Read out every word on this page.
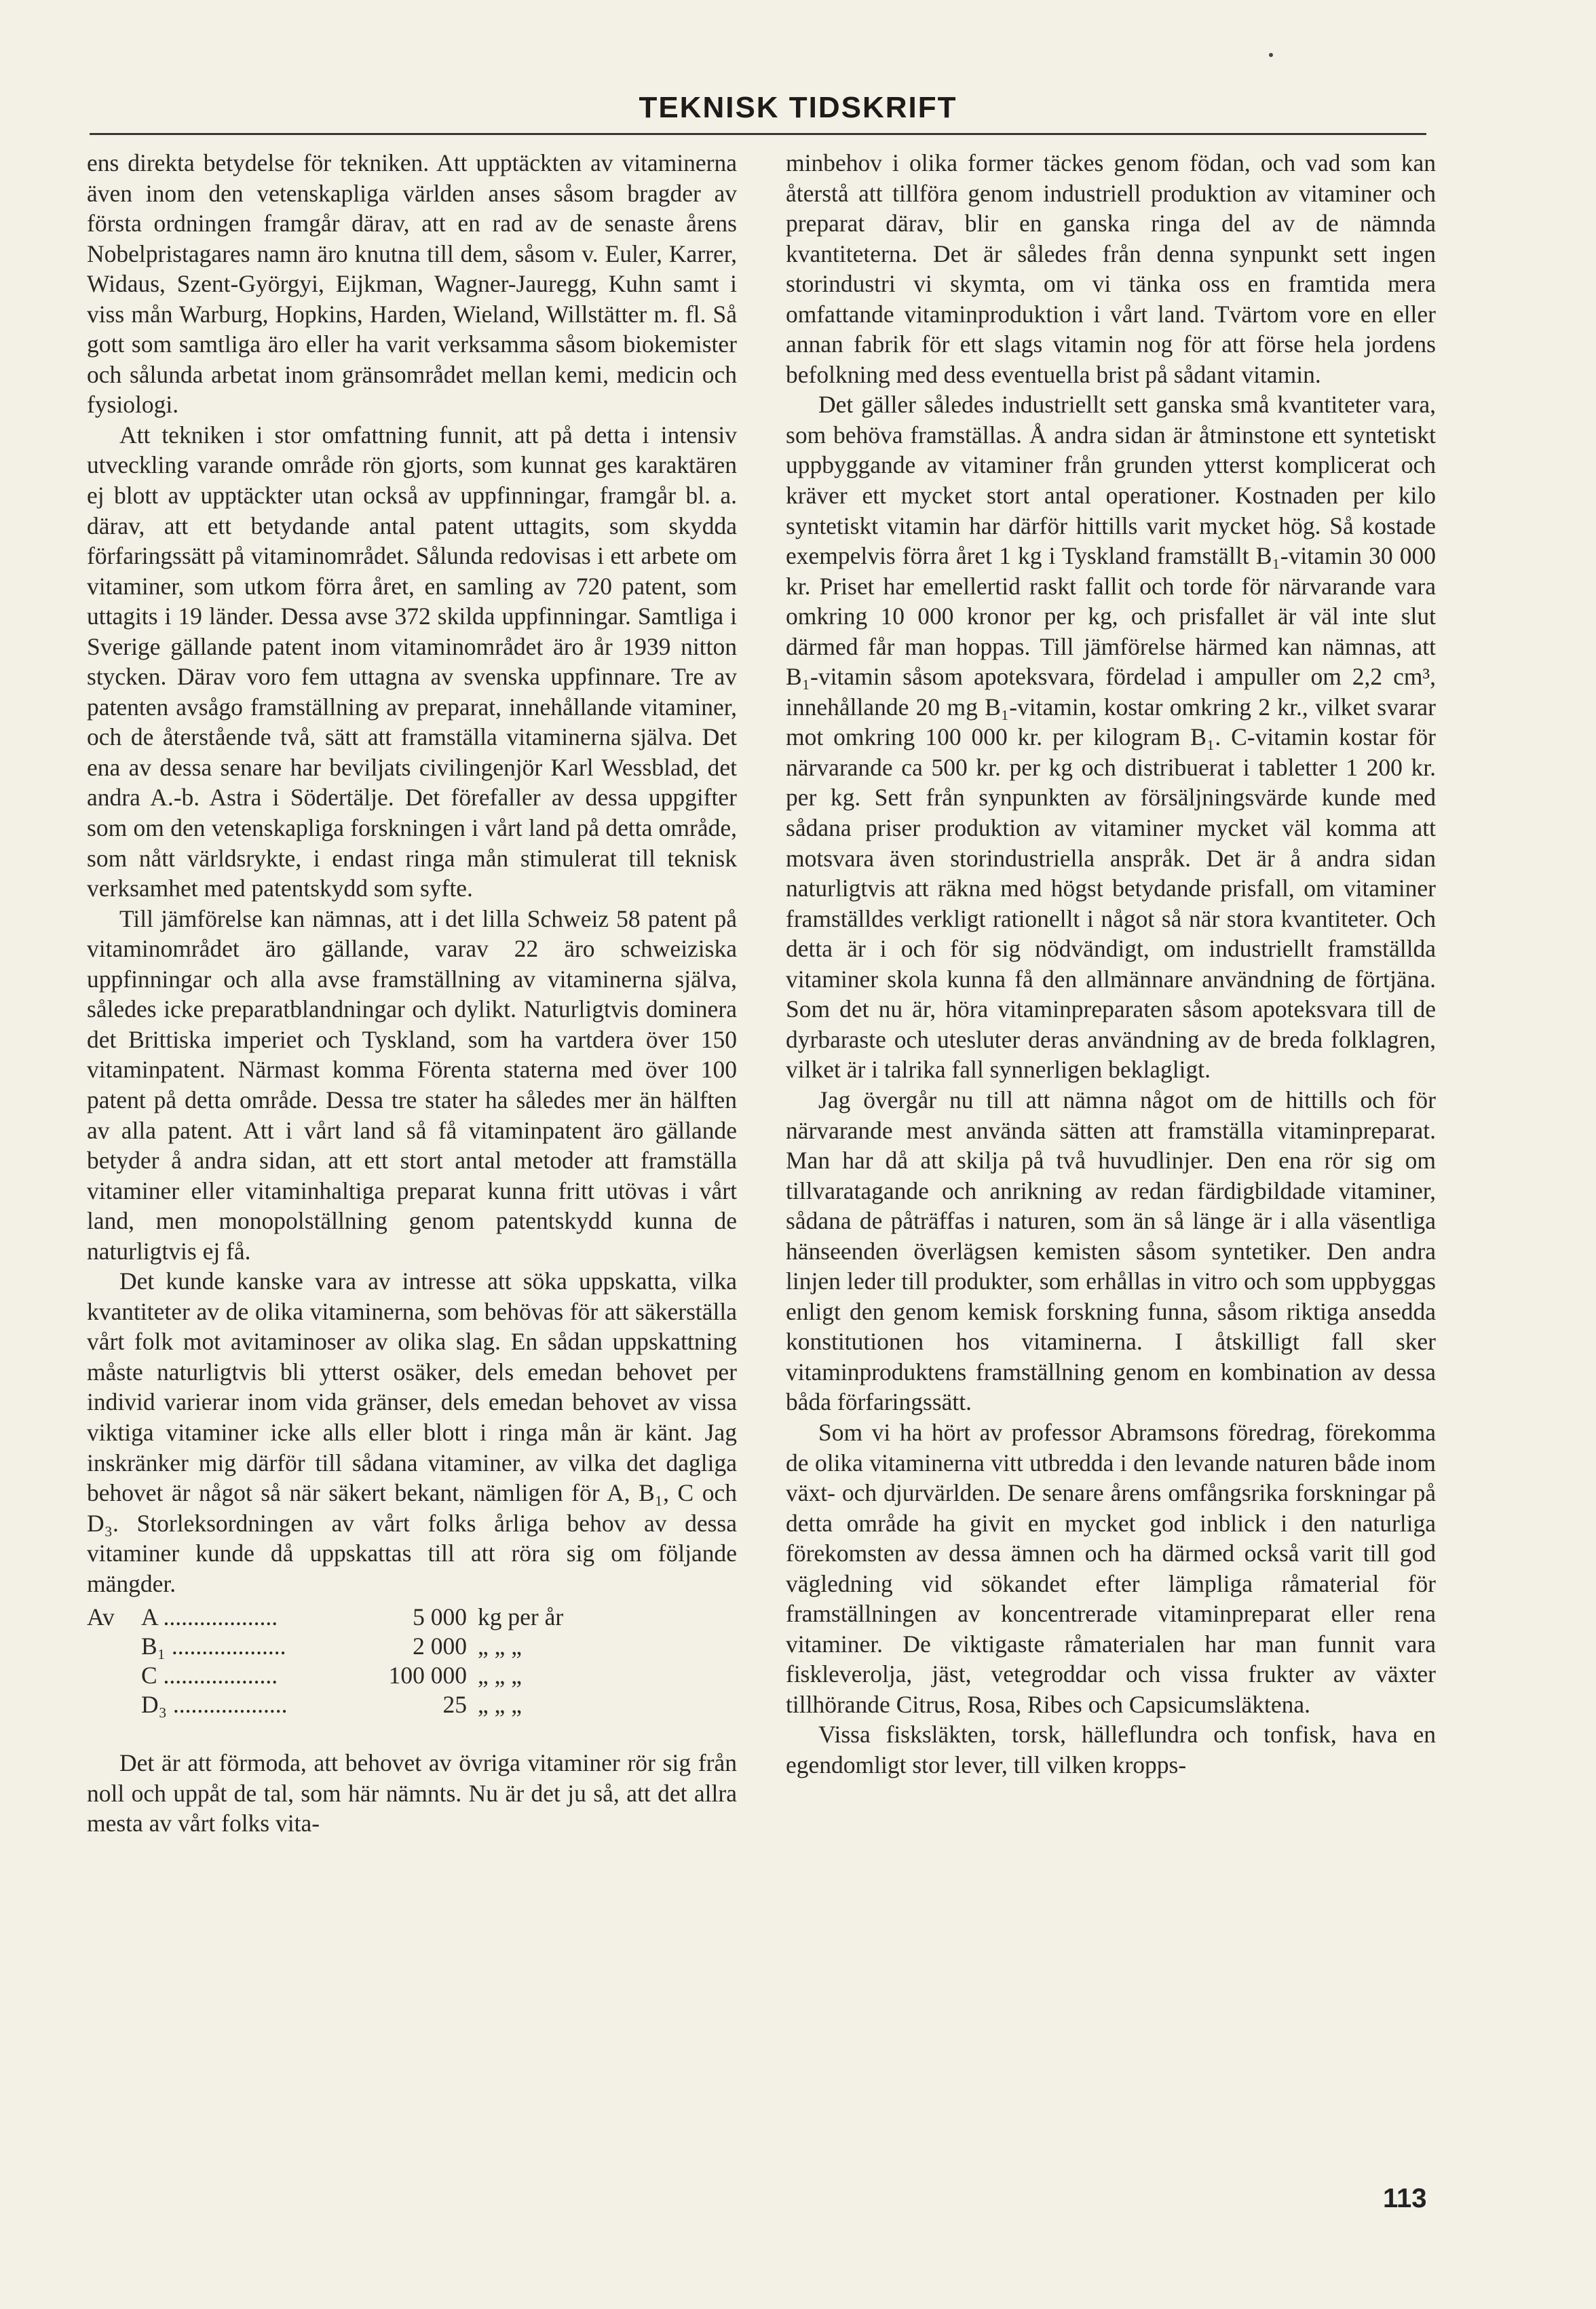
TEKNISK TIDSKRIFT

ens direkta betydelse för tekniken. Att upptäckten av vitaminerna även inom den vetenskapliga världen anses såsom bragder av första ordningen framgår därav, att en rad av de senaste årens Nobelpristagares namn äro knutna till dem, såsom v. Euler, Karrer, Widaus, Szent-Györgyi, Eijkman, Wagner-Jauregg, Kuhn samt i viss mån Warburg, Hopkins, Harden, Wieland, Willstätter m. fl. Så gott som samtliga äro eller ha varit verksamma såsom biokemister och sålunda arbetat inom gränsområdet mellan kemi, medicin och fysiologi.

Att tekniken i stor omfattning funnit, att på detta i intensiv utveckling varande område rön gjorts, som kunnat ges karaktären ej blott av upptäckter utan också av uppfinningar, framgår bl. a. därav, att ett betydande antal patent uttagits, som skydda förfaringssätt på vitaminområdet. Sålunda redovisas i ett arbete om vitaminer, som utkom förra året, en samling av 720 patent, som uttagits i 19 länder. Dessa avse 372 skilda uppfinningar. Samtliga i Sverige gällande patent inom vitaminområdet äro år 1939 nitton stycken. Därav voro fem uttagna av svenska uppfinnare. Tre av patenten avsågo framställning av preparat, innehållande vitaminer, och de återstående två, sätt att framställa vitaminerna själva. Det ena av dessa senare har beviljats civilingenjör Karl Wessblad, det andra A.-b. Astra i Södertälje. Det förefaller av dessa uppgifter som om den vetenskapliga forskningen i vårt land på detta område, som nått världsrykte, i endast ringa mån stimulerat till teknisk verksamhet med patentskydd som syfte.

Till jämförelse kan nämnas, att i det lilla Schweiz 58 patent på vitaminområdet äro gällande, varav 22 äro schweiziska uppfinningar och alla avse framställning av vitaminerna själva, således icke preparatblandningar och dylikt. Naturligtvis dominera det Brittiska imperiet och Tyskland, som ha vartdera över 150 vitaminpatent. Närmast komma Förenta staterna med över 100 patent på detta område. Dessa tre stater ha således mer än hälften av alla patent. Att i vårt land så få vitaminpatent äro gällande betyder å andra sidan, att ett stort antal metoder att framställa vitaminer eller vitaminhaltiga preparat kunna fritt utövas i vårt land, men monopolställning genom patentskydd kunna de naturligtvis ej få.

Det kunde kanske vara av intresse att söka uppskatta, vilka kvantiteter av de olika vitaminerna, som behövas för att säkerställa vårt folk mot avitaminoser av olika slag. En sådan uppskattning måste naturligtvis bli ytterst osäker, dels emedan behovet per individ varierar inom vida gränser, dels emedan behovet av vissa viktiga vitaminer icke alls eller blott i ringa mån är känt. Jag inskränker mig därför till sådana vitaminer, av vilka det dagliga behovet är något så när säkert bekant, nämligen för A, B₁, C och D₃. Storleksordningen av vårt folks årliga behov av dessa vitaminer kunde då uppskattas till att röra sig om följande mängder.

Av	A ...................	5 000	kg per år
	B₁ ...................	2 000	„ „ „
	C ...................	100 000	„ „ „
	D₃ ...................	25	„ „ „

Det är att förmoda, att behovet av övriga vitaminer rör sig från noll och uppåt de tal, som här nämnts. Nu är det ju så, att det allra mesta av vårt folks vita-

minbehov i olika former täckes genom födan, och vad som kan återstå att tillföra genom industriell produktion av vitaminer och preparat därav, blir en ganska ringa del av de nämnda kvantiteterna. Det är således från denna synpunkt sett ingen storindustri vi skymta, om vi tänka oss en framtida mera omfattande vitaminproduktion i vårt land. Tvärtom vore en eller annan fabrik för ett slags vitamin nog för att förse hela jordens befolkning med dess eventuella brist på sådant vitamin.

Det gäller således industriellt sett ganska små kvantiteter vara, som behöva framställas. Å andra sidan är åtminstone ett syntetiskt uppbyggande av vitaminer från grunden ytterst komplicerat och kräver ett mycket stort antal operationer. Kostnaden per kilo syntetiskt vitamin har därför hittills varit mycket hög. Så kostade exempelvis förra året 1 kg i Tyskland framställt B₁-vitamin 30 000 kr. Priset har emellertid raskt fallit och torde för närvarande vara omkring 10 000 kronor per kg, och prisfallet är väl inte slut därmed får man hoppas. Till jämförelse härmed kan nämnas, att B₁-vitamin såsom apoteksvara, fördelad i ampuller om 2,2 cm³, innehållande 20 mg B₁-vitamin, kostar omkring 2 kr., vilket svarar mot omkring 100 000 kr. per kilogram B₁. C-vitamin kostar för närvarande ca 500 kr. per kg och distribuerat i tabletter 1 200 kr. per kg. Sett från synpunkten av försäljningsvärde kunde med sådana priser produktion av vitaminer mycket väl komma att motsvara även storindustriella anspråk. Det är å andra sidan naturligtvis att räkna med högst betydande prisfall, om vitaminer framställdes verkligt rationellt i något så när stora kvantiteter. Och detta är i och för sig nödvändigt, om industriellt framställda vitaminer skola kunna få den allmännare användning de förtjäna. Som det nu är, höra vitaminpreparaten såsom apoteksvara till de dyrbaraste och utesluter deras användning av de breda folklagren, vilket är i talrika fall synnerligen beklagligt.

Jag övergår nu till att nämna något om de hittills och för närvarande mest använda sätten att framställa vitaminpreparat. Man har då att skilja på två huvudlinjer. Den ena rör sig om tillvaratagande och anrikning av redan färdigbildade vitaminer, sådana de påträffas i naturen, som än så länge är i alla väsentliga hänseenden överlägsen kemisten såsom syntetiker. Den andra linjen leder till produkter, som erhållas in vitro och som uppbyggas enligt den genom kemisk forskning funna, såsom riktiga ansedda konstitutionen hos vitaminerna. I åtskilligt fall sker vitaminproduktens framställning genom en kombination av dessa båda förfaringssätt.

Som vi ha hört av professor Abramsons föredrag, förekomma de olika vitaminerna vitt utbredda i den levande naturen både inom växt- och djurvärlden. De senare årens omfångsrika forskningar på detta område ha givit en mycket god inblick i den naturliga förekomsten av dessa ämnen och ha därmed också varit till god vägledning vid sökandet efter lämpliga råmaterial för framställningen av koncentrerade vitaminpreparat eller rena vitaminer. De viktigaste råmaterialen har man funnit vara fiskleverolja, jäst, vetegroddar och vissa frukter av växter tillhörande Citrus, Rosa, Ribes och Capsicumsläktena.

Vissa fisksläkten, torsk, hälleflundra och tonfisk, hava en egendomligt stor lever, till vilken kropps-

113
